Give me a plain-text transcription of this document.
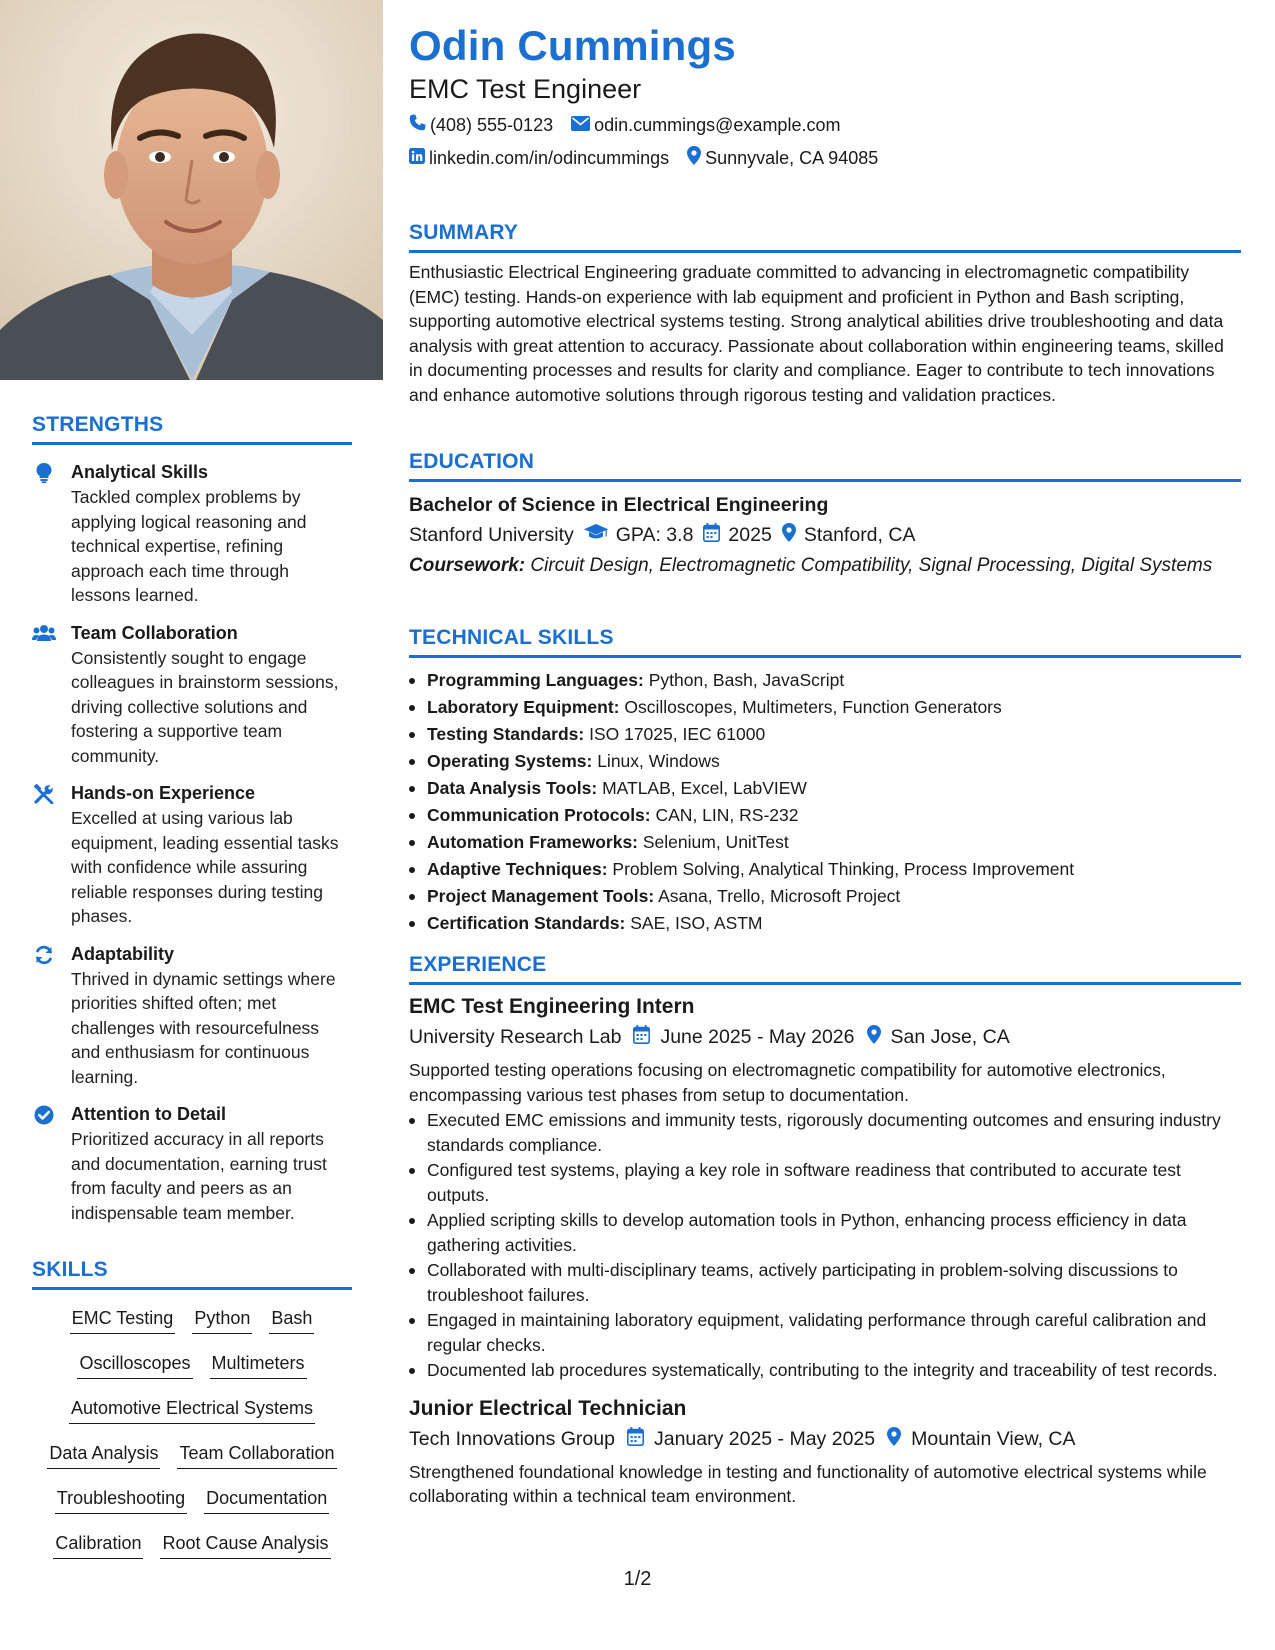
STRENGTHS
Analytical Skills
Tackled complex problems by applying logical reasoning and technical expertise, refining approach each time through lessons learned.
Team Collaboration
Consistently sought to engage colleagues in brainstorm sessions, driving collective solutions and fostering a supportive team community.
Hands-on Experience
Excelled at using various lab equipment, leading essential tasks with confidence while assuring reliable responses during testing phases.
Adaptability
Thrived in dynamic settings where priorities shifted often; met challenges with resourcefulness and enthusiasm for continuous learning.
Attention to Detail
Prioritized accuracy in all reports and documentation, earning trust from faculty and peers as an indispensable team member.
SKILLS
EMC Testing Python Bash
Oscilloscopes Multimeters
Automotive Electrical Systems
Data Analysis Team Collaboration
Troubleshooting Documentation
Calibration Root Cause Analysis
Odin Cummings
EMC Test Engineer
(408) 555-0123 odin.cummings@example.com
linkedin.com/in/odincummings Sunnyvale, CA 94085
SUMMARY

Enthusiastic Electrical Engineering graduate committed to advancing in electromagnetic compatibility (EMC) testing. Hands-on experience with lab equipment and proficient in Python and Bash scripting, supporting automotive electrical systems testing. Strong analytical abilities drive troubleshooting and data analysis with great attention to accuracy. Passionate about collaboration within engineering teams, skilled in documenting processes and results for clarity and compliance. Eager to contribute to tech innovations and enhance automotive solutions through rigorous testing and validation practices.

EDUCATION
Bachelor of Science in Electrical Engineering
Stanford University GPA: 3.8 2025 Stanford, CA
Coursework: Circuit Design, Electromagnetic Compatibility, Signal Processing, Digital Systems
TECHNICAL SKILLS
Programming Languages: Python, Bash, JavaScript
Laboratory Equipment: Oscilloscopes, Multimeters, Function Generators
Testing Standards: ISO 17025, IEC 61000
Operating Systems: Linux, Windows
Data Analysis Tools: MATLAB, Excel, LabVIEW
Communication Protocols: CAN, LIN, RS-232
Automation Frameworks: Selenium, UnitTest
Adaptive Techniques: Problem Solving, Analytical Thinking, Process Improvement
Project Management Tools: Asana, Trello, Microsoft Project
Certification Standards: SAE, ISO, ASTM
EXPERIENCE
EMC Test Engineering Intern
University Research Lab June 2025 - May 2026 San Jose, CA

Supported testing operations focusing on electromagnetic compatibility for automotive electronics, encompassing various test phases from setup to documentation.

Executed EMC emissions and immunity tests, rigorously documenting outcomes and ensuring industry standards compliance.
Configured test systems, playing a key role in software readiness that contributed to accurate test outputs.
Applied scripting skills to develop automation tools in Python, enhancing process efficiency in data gathering activities.
Collaborated with multi-disciplinary teams, actively participating in problem-solving discussions to troubleshoot failures.
Engaged in maintaining laboratory equipment, validating performance through careful calibration and regular checks.
Documented lab procedures systematically, contributing to the integrity and traceability of test records.
Junior Electrical Technician
Tech Innovations Group January 2025 - May 2025 Mountain View, CA

Strengthened foundational knowledge in testing and functionality of automotive electrical systems while collaborating within a technical team environment.

1/2
